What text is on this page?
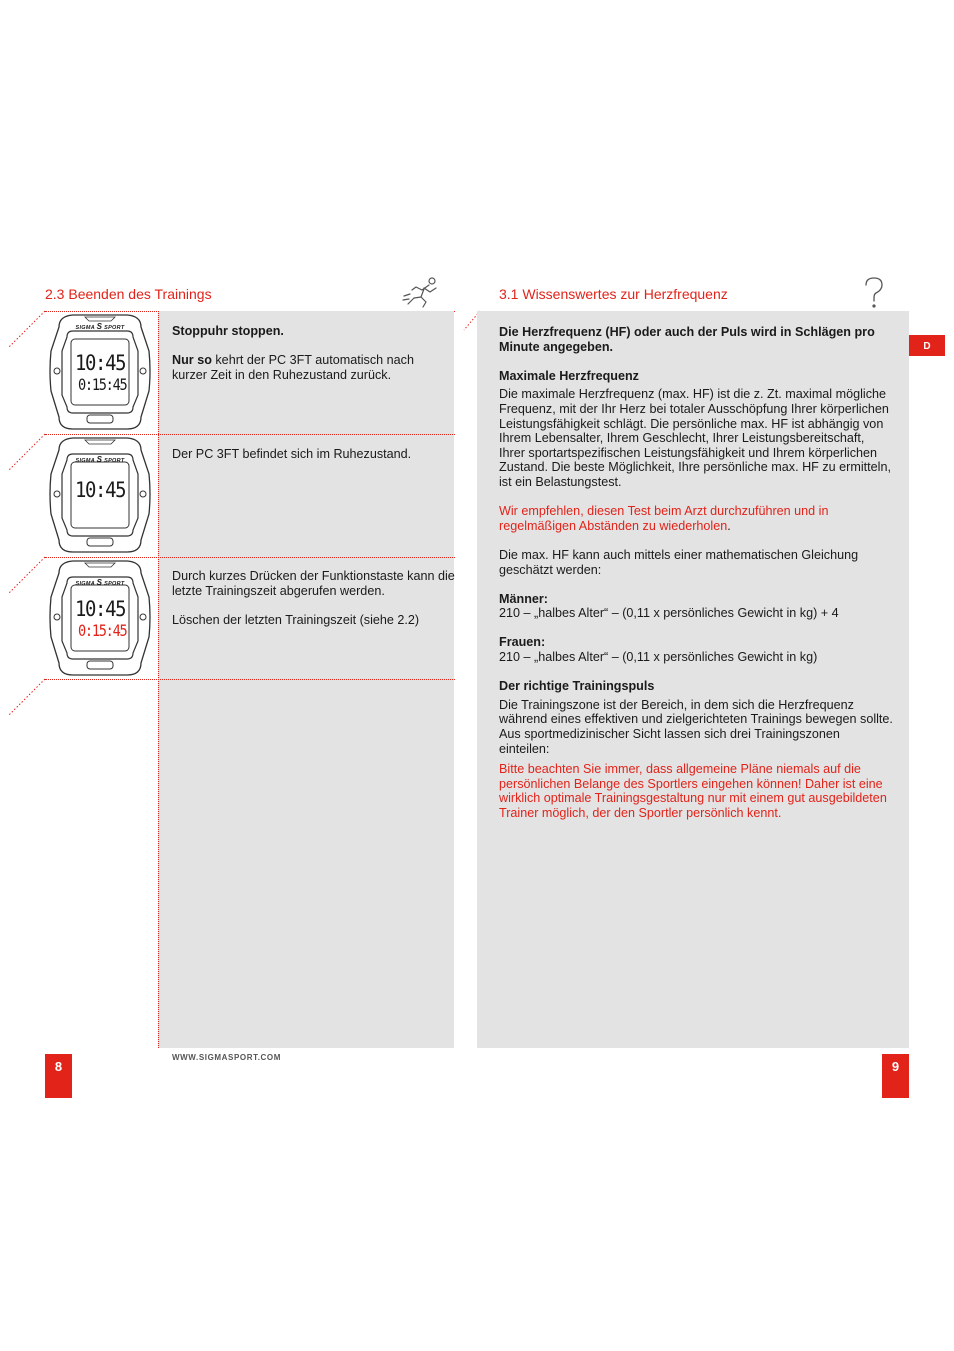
2.3 Beenden des Trainings
SIGMA S SPORT
10:45
0:15:45
SIGMA S SPORT
10:45
SIGMA S SPORT
10:45
0:15:45

Stoppuhr stoppen.

Nur so kehrt der PC 3FT automatisch nach kurzer Zeit in den Ruhezustand zurück.

Der PC 3FT befindet sich im Ruhezustand.

Durch kurzes Drücken der Funktionstaste kann die letzte Trainingszeit abgerufen werden.

Löschen der letzten Trainingszeit (siehe 2.2)

8
WWW.SIGMASPORT.COM
3.1 Wissenswertes zur Herzfrequenz
D

Die Herzfrequenz (HF) oder auch der Puls wird in Schlägen pro Minute angegeben.

Maximale Herzfrequenz

Die maximale Herzfrequenz (max. HF) ist die z. Zt. maximal mögliche Frequenz, mit der Ihr Herz bei totaler Ausschöpfung Ihrer körperlichen Leistungsfähigkeit schlägt. Die persönliche max. HF ist abhängig von Ihrem Lebensalter, Ihrem Geschlecht, Ihrer Leistungsbereitschaft, Ihrer sportartspezifischen Leistungsfähigkeit und Ihrem körperlichen Zustand. Die beste Möglichkeit, Ihre persönliche max. HF zu ermitteln, ist ein Belastungstest.

Wir empfehlen, diesen Test beim Arzt durchzuführen und in regelmäßigen Abständen zu wiederholen.

Die max. HF kann auch mittels einer mathematischen Gleichung geschätzt werden:

Männer:

210 – „halbes Alter“ – (0,11 x persönliches Gewicht in kg) + 4

Frauen:

210 – „halbes Alter“ – (0,11 x persönliches Gewicht in kg)

Der richtige Trainingspuls

Die Trainingszone ist der Bereich, in dem sich die Herzfrequenz während eines effektiven und zielgerichteten Trainings bewegen sollte. Aus sportmedizinischer Sicht lassen sich drei Trainingszonen einteilen:

Bitte beachten Sie immer, dass allgemeine Pläne niemals auf die persönlichen Belange des Sportlers eingehen können! Daher ist eine wirklich optimale Trainingsgestaltung nur mit einem gut ausgebildeten Trainer möglich, der den Sportler persönlich kennt.

9
